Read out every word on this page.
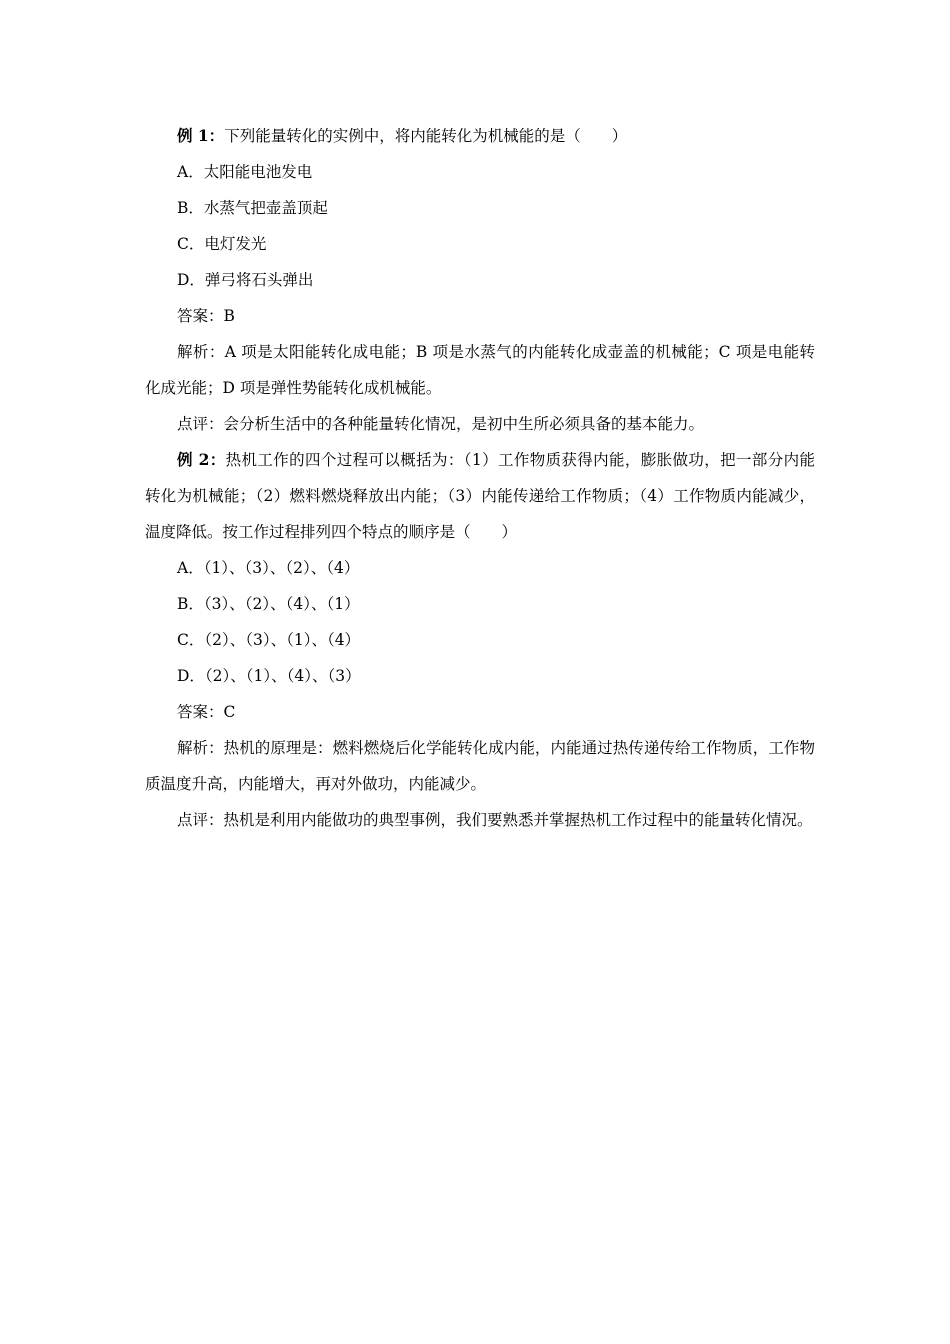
例 1：下列能量转化的实例中，将内能转化为机械能的是（　　）
A．太阳能电池发电
B．水蒸气把壶盖顶起
C．电灯发光
D．弹弓将石头弹出
答案：B
解析：A 项是太阳能转化成电能；B 项是水蒸气的内能转化成壶盖的机械能；C 项是电能转化成光能；D 项是弹性势能转化成机械能。
点评：会分析生活中的各种能量转化情况，是初中生所必须具备的基本能力。
例 2：热机工作的四个过程可以概括为：（1）工作物质获得内能，膨胀做功，把一部分内能转化为机械能；（2）燃料燃烧释放出内能；（3）内能传递给工作物质；（4）工作物质内能减少，温度降低。按工作过程排列四个特点的顺序是（　　）
A．（1）、（3）、（2）、（4）
B．（3）、（2）、（4）、（1）
C．（2）、（3）、（1）、（4）
D．（2）、（1）、（4）、（3）
答案：C
解析：热机的原理是：燃料燃烧后化学能转化成内能，内能通过热传递传给工作物质，工作物质温度升高，内能增大，再对外做功，内能减少。
点评：热机是利用内能做功的典型事例，我们要熟悉并掌握热机工作过程中的能量转化情况。
